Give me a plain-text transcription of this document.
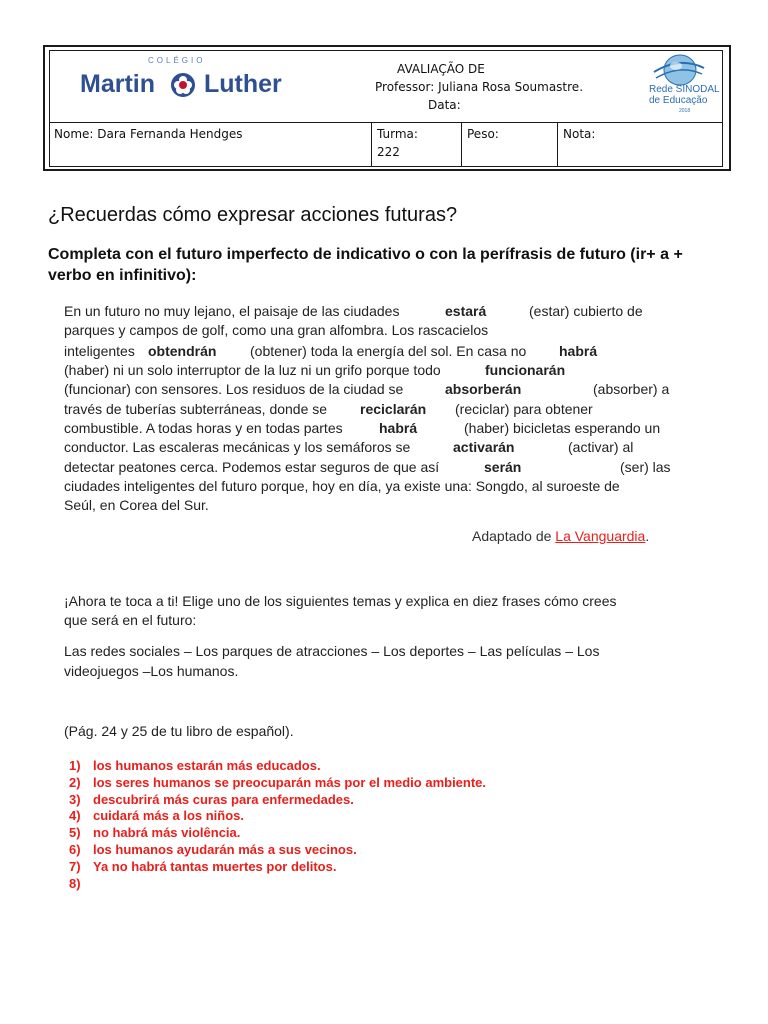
COLÉGIO
Martin Luther
AVALIAÇÃO DE
Professor: Juliana Rosa Soumastre.
Data:
Rede SINODAL
de Educação
2018
Nome: Dara Fernanda Hendges	Turma:
222
Peso:	Nota:
¿Recuerdas cómo expresar acciones futuras?

Completa con el futuro imperfecto de indicativo o con la perífrasis de futuro (ir+ a + verbo en infinitivo):

En un futuro no muy lejano, el paisaje de las ciudades	estará	(estar) cubierto de
parques y campos de golf, como una gran alfombra. Los rascacielos
inteligentes obtendrán (obtener) toda la energía del sol. En casa no habrá
(haber) ni un solo interruptor de la luz ni un grifo porque todo	funcionarán
(funcionar) con sensores. Los residuos de la ciudad se	absorberán	(absorber) a
través de tuberías subterráneas, donde se reciclarán (reciclar) para obtener
combustible. A todas horas y en todas partes	habrá	(haber) bicicletas esperando un
conductor. Las escaleras mecánicas y los semáforos se	activarán	(activar) al
detectar peatones cerca. Podemos estar seguros de que así	serán	(ser) las
ciudades inteligentes del futuro porque, hoy en día, ya existe una: Songdo, al suroeste de
Seúl, en Corea del Sur.
Adaptado de La Vanguardia.
¡Ahora te toca a ti! Elige uno de los siguientes temas y explica en diez frases cómo crees
que será en el futuro:
Las redes sociales – Los parques de atracciones – Los deportes – Las películas – Los
videojuegos –Los humanos.
(Pág. 24 y 25 de tu libro de español).
1) los humanos estarán más educados.
2) los seres humanos se preocuparán más por el medio ambiente.
3) descubrirá más curas para enfermedades.
4) cuidará más a los niños.
5) no habrá más violência.
6) los humanos ayudarán más a sus vecinos.
7) Ya no habrá tantas muertes por delitos.
8)
